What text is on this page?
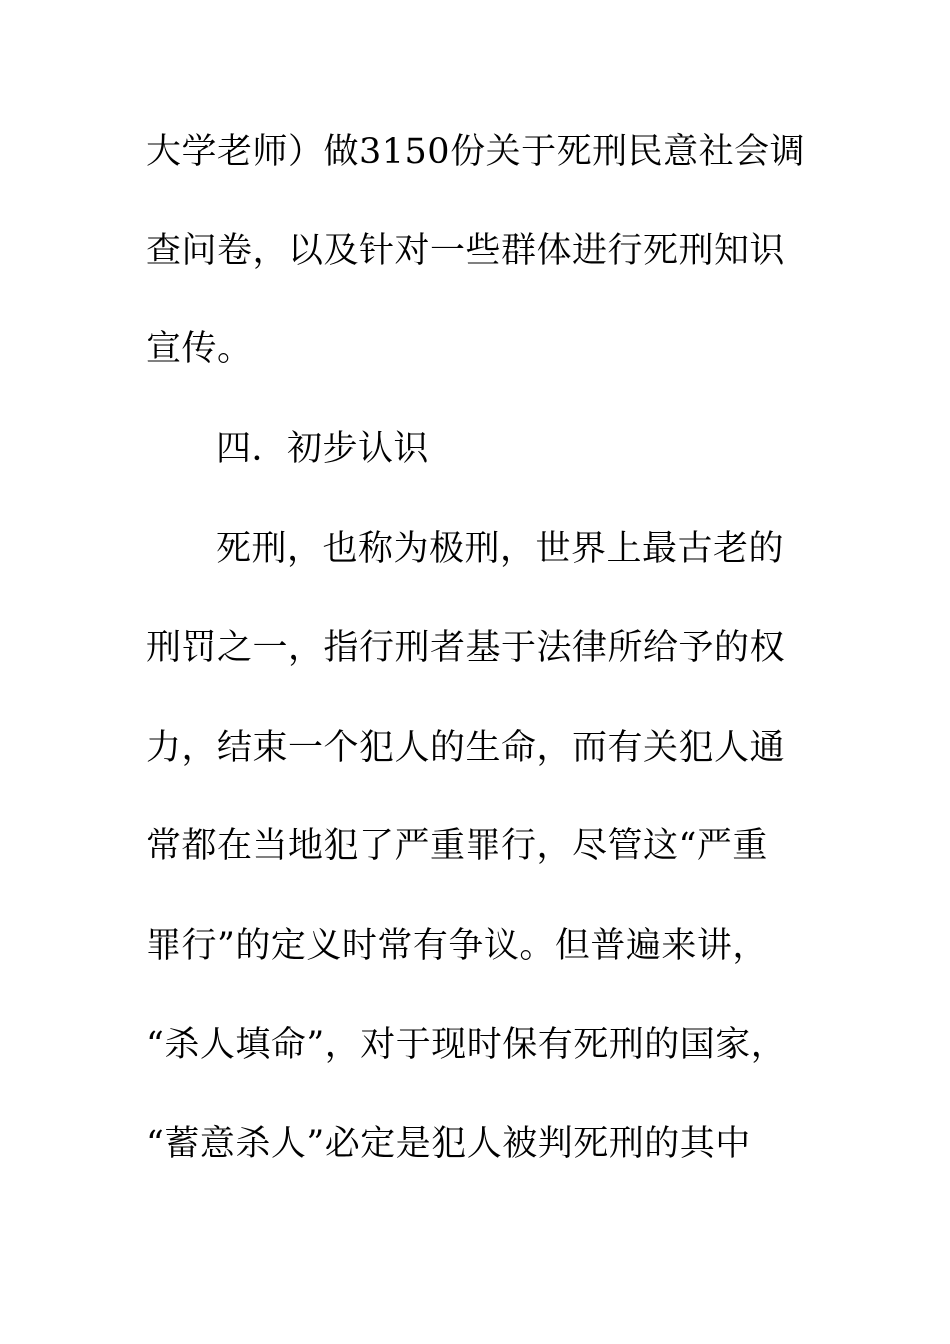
大学老师）做3150份关于死刑民意社会调
查问卷，以及针对一些群体进行死刑知识
宣传。
四．初步认识
死刑，也称为极刑，世界上最古老的
刑罚之一，指行刑者基于法律所给予的权
力，结束一个犯人的生命，而有关犯人通
常都在当地犯了严重罪行，尽管这“严重
罪行”的定义时常有争议。但普遍来讲，
“杀人填命”，对于现时保有死刑的国家，
“蓄意杀人”必定是犯人被判死刑的其中
